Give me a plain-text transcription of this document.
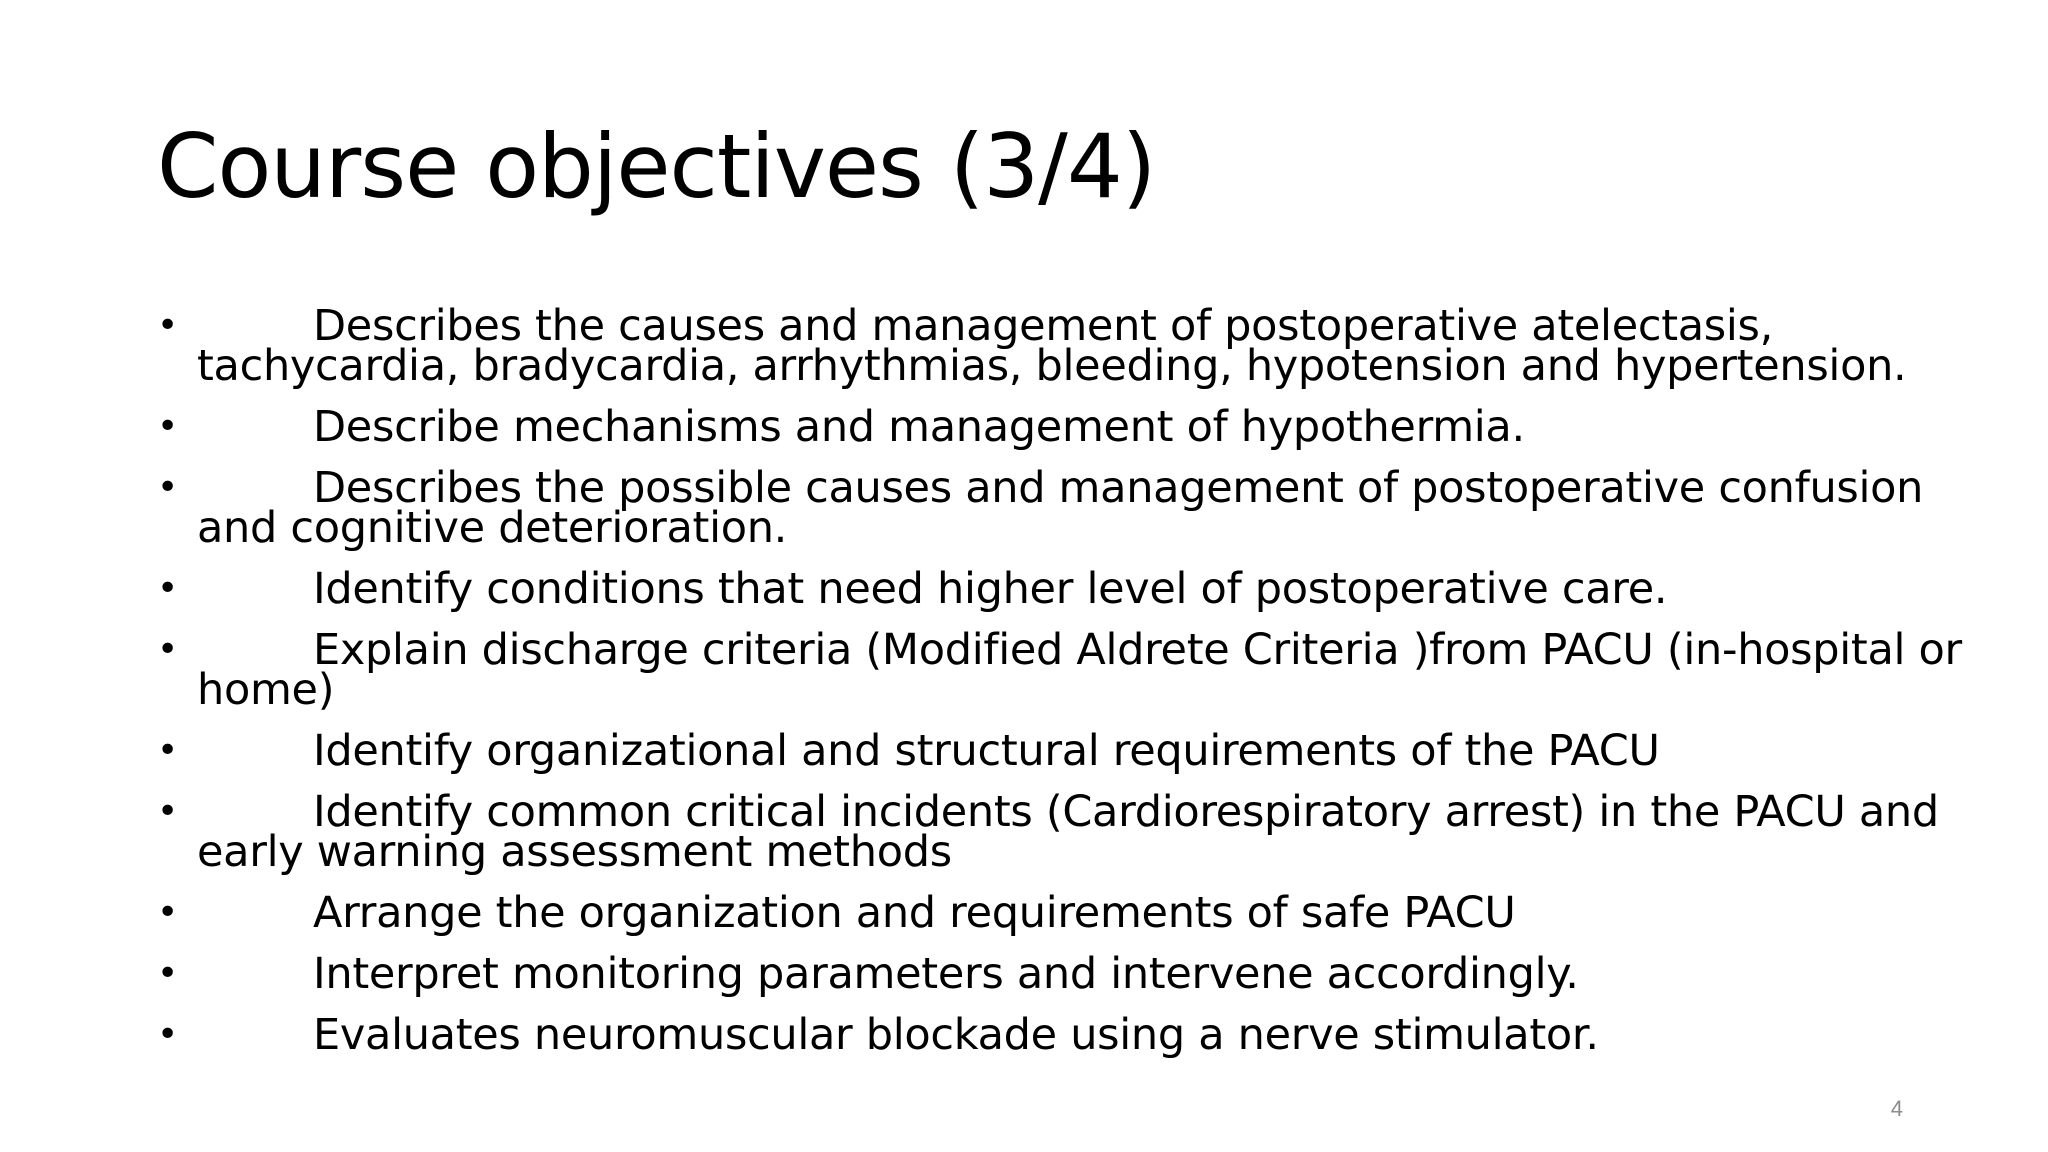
Course objectives (3/4)
•	Describes the causes and management of postoperative atelectasis, tachycardia, bradycardia, arrhythmias, bleeding, hypotension and hypertension.
•	Describe mechanisms and management of hypothermia.
•	Describes the possible causes and management of postoperative confusion and cognitive deterioration.
•	Identify conditions that need higher level of postoperative care.
•	Explain discharge criteria (Modified Aldrete Criteria )from PACU (in-hospital or home)
•	Identify organizational and structural requirements of the PACU
•	Identify common critical incidents (Cardiorespiratory arrest) in the PACU and early warning assessment methods
•	Arrange the organization and requirements of safe PACU
•	Interpret monitoring parameters and intervene accordingly.
•	Evaluates neuromuscular blockade using a nerve stimulator.
4
